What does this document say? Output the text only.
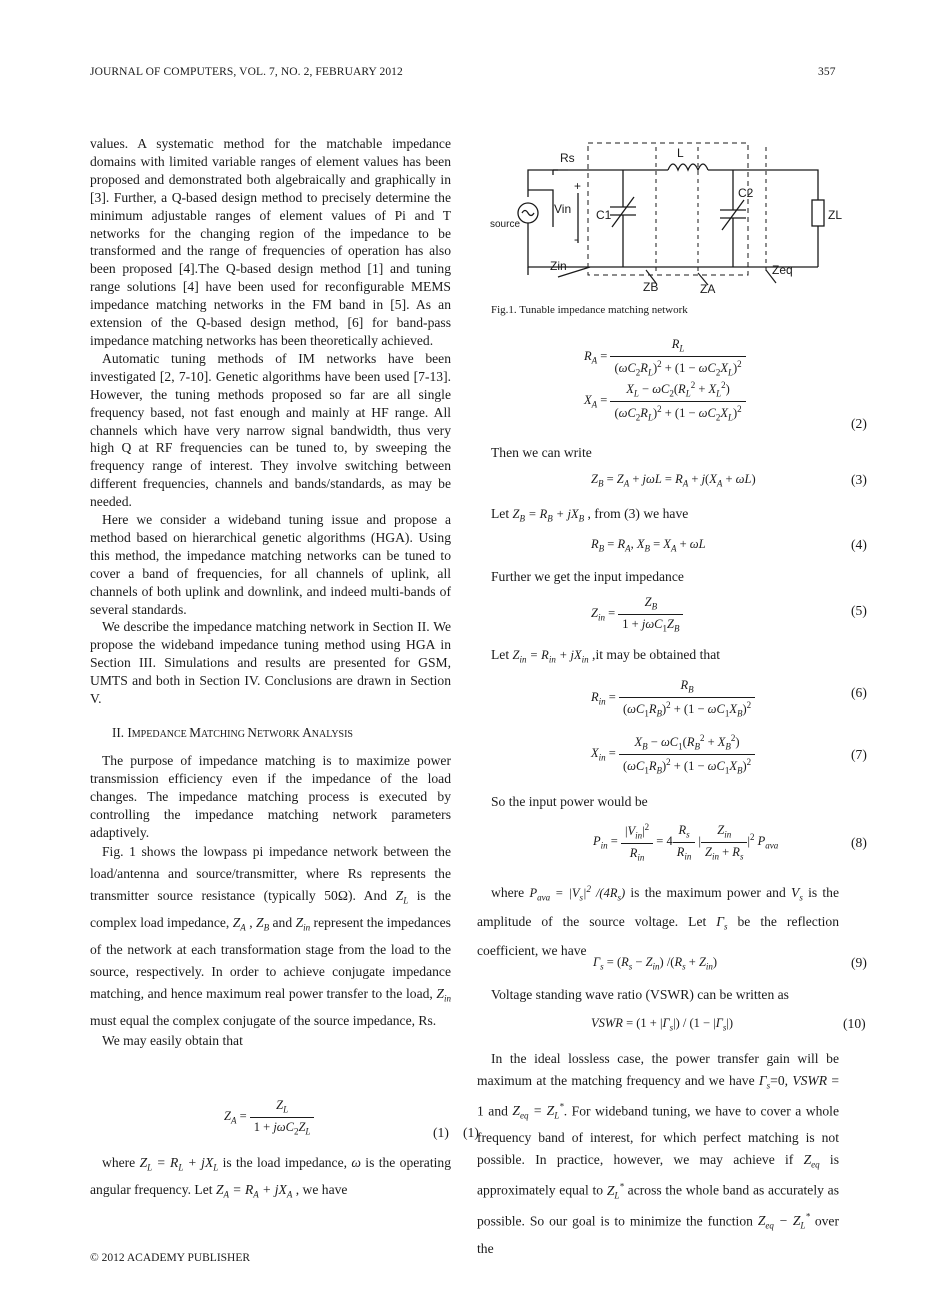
JOURNAL OF COMPUTERS, VOL. 7, NO. 2, FEBRUARY 2012	357

values. A systematic method for the matchable impedance domains with limited variable ranges of element values has been proposed and demonstrated both algebraically and graphically in [3]. Further, a Q-based design method to precisely determine the minimum adjustable ranges of element values of Pi and T networks for the changing region of the impedance to be transformed and the range of frequencies of operation has also been proposed [4].The Q-based design method [1] and tuning range solutions [4] have been used for reconfigurable MEMS impedance matching networks in the FM band in [5]. As an extension of the Q-based design method, [6] for band-pass impedance matching networks has been theoretically achieved.

Automatic tuning methods of IM networks have been investigated [2, 7-10]. Genetic algorithms have been used [7-13]. However, the tuning methods proposed so far are all single frequency based, not fast enough and mainly at HF range. All channels which have very narrow signal bandwidth, thus very high Q at RF frequencies can be tuned to, by sweeping the frequency range of interest. They involve switching between different frequencies, channels and bands/standards, as may be needed.

Here we consider a wideband tuning issue and propose a method based on hierarchical genetic algorithms (HGA). Using this method, the impedance matching networks can be tuned to cover a band of frequencies, for all channels of uplink, all channels of both uplink and downlink, and indeed multi-bands of several standards.

We describe the impedance matching network in Section II. We propose the wideband impedance tuning method using HGA in Section III. Simulations and results are presented for GSM, UMTS and both in Section IV. Conclusions are drawn in Section V.

II. IMPEDANCE MATCHING NETWORK ANALYSIS

The purpose of impedance matching is to maximize power transmission efficiency even if the impedance of the load changes. The impedance matching process is executed by controlling the impedance matching network parameters adaptively.

Fig. 1 shows the lowpass pi impedance network between the load/antenna and source/transmitter, where Rs represents the transmitter source resistance (typically 50Ω). And $Z_L$ is the complex load impedance, $Z_A$ , $Z_B$ and $Z_{in}$ represent the impedances of the network at each transformation stage from the load to the source, respectively. In order to achieve conjugate impedance matching, and hence maximum real power transfer to the load, $Z_{in}$ must equal the complex conjugate of the source impedance, Rs.

We may easily obtain that

$Z_A = \frac{Z_L}{1 + j\omega C_2Z_L}$	(1) (1)
where $Z_L = R_L + jX_L$ is the load impedance, ω is the operating angular frequency. Let $Z_A = R_A + jX_A$ , we have
Rs
+
-
Vin
source
C1
L
C2
ZL
Zin
ZB	ZA
Zeq
Fig.1. Tunable impedance matching network
$R_A = \frac{R_L}{(\omega C_2R_L)^2 + (1 - \omega C_2X_L)^2}$
$X_A = \frac{X_L - \omega C_2(R_L^2 + X_L^2)}{(\omega C_2R_L)^2 + (1 - \omega C_2X_L)^2}$
(2)
Then we can write
$Z_B = Z_A + j\omega L = R_A + j(X_A + \omega L)$	(3)
Let $Z_B = R_B + jX_B$ , from (3) we have
$R_B = R_A$, $X_B = X_A + \omega L$	(4)
Further we get the input impedance
$Z_{in} = \frac{Z_B}{1 + j\omega C_1Z_B}$	(5)
Let $Z_{in} = R_{in} + jX_{in}$ ,it may be obtained that
$R_{in} = \frac{R_B}{(\omega C_1R_B)^2 + (1 - \omega C_1X_B)^2}$	(6)
$X_{in} = \frac{X_B - \omega C_1(R_B^2 + X_B^2)}{(\omega C_1R_B)^2 + (1 - \omega C_1X_B)^2}$	(7)
So the input power would be
$P_{in} = \frac{|V_{in}|^2}{R_{in}} = 4 \frac{R_s}{R_{in}}$ | $\frac{Z_{in}}{Z_{in} + R_s} |^2$ $P_{ava}$	(8)
where $P_{ava} = |V_s|^2$ $/(4R_s)$ is the maximum power and $V_s$ is the amplitude of the source voltage. Let $\Gamma_s$ be the reflection coefficient, we have
$\Gamma_s = (R_s - Z_{in}) /(R_s + Z_{in})$	(9)
Voltage standing wave ratio (VSWR) can be written as
VSWR = $(1 + |\Gamma_s|) / (1 - |\Gamma_s|)$	(10)
In the ideal lossless case, the power transfer gain will be maximum at the matching frequency and we have $\Gamma_s=0$, VSWR = 1 and $Z_{eq} = Z_L^*$. For wideband tuning, we have to cover a whole frequency band of interest, for which perfect matching is not possible. In practice, however, we may achieve if $Z_{eq}$ is approximately equal to $Z_L^*$ across the whole band as accurately as possible. So our goal is to minimize the function $Z_{eq} - Z_L^*$ over the
© 2012 ACADEMY PUBLISHER
